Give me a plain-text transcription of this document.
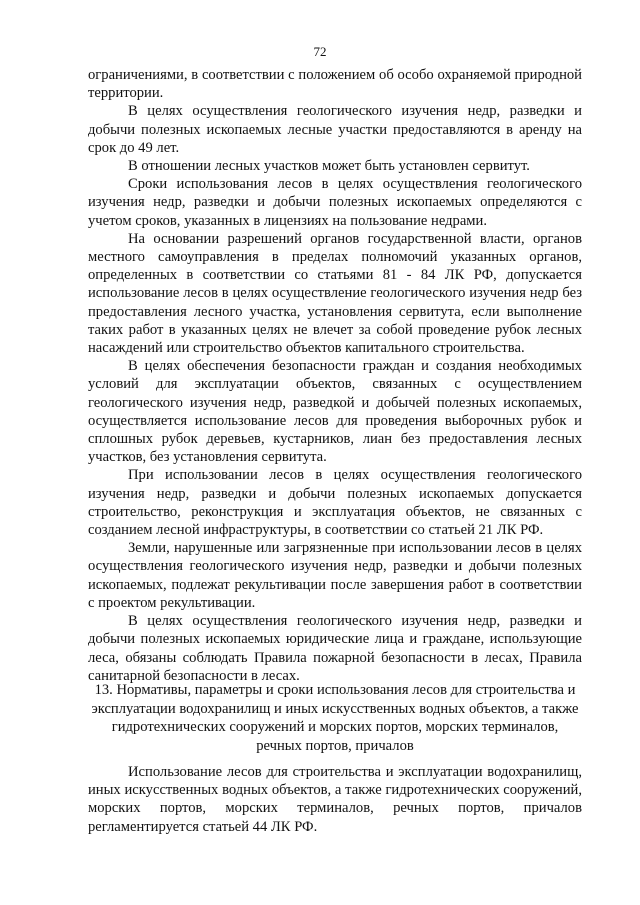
72

ограничениями, в соответствии с положением об особо охраняемой природной территории.

В целях осуществления геологического изучения недр, разведки и добычи полезных ископаемых лесные участки предоставляются в аренду на срок до 49 лет.

В отношении лесных участков может быть установлен сервитут.

Сроки использования лесов в целях осуществления геологического изучения недр, разведки и добычи полезных ископаемых определяются с учетом сроков, указанных в лицензиях на пользование недрами.

На основании разрешений органов государственной власти, органов местного самоуправления в пределах полномочий указанных органов, определенных в соответствии со статьями 81 - 84 ЛК РФ, допускается использование лесов в целях осуществление геологического изучения недр без предоставления лесного участка, установления сервитута, если выполнение таких работ в указанных целях не влечет за собой проведение рубок лесных насаждений или строительство объектов капитального строительства.

В целях обеспечения безопасности граждан и создания необходимых условий для эксплуатации объектов, связанных с осуществлением геологического изучения недр, разведкой и добычей полезных ископаемых, осуществляется использование лесов для проведения выборочных рубок и сплошных рубок деревьев, кустарников, лиан без предоставления лесных участков, без установления сервитута.

При использовании лесов в целях осуществления геологического изучения недр, разведки и добычи полезных ископаемых допускается строительство, реконструкция и эксплуатация объектов, не связанных с созданием лесной инфраструктуры, в соответствии со статьей 21 ЛК РФ.

Земли, нарушенные или загрязненные при использовании лесов в целях осуществления геологического изучения недр, разведки и добычи полезных ископаемых, подлежат рекультивации после завершения работ в соответствии с проектом рекультивации.

В целях осуществления геологического изучения недр, разведки и добычи полезных ископаемых юридические лица и граждане, использующие леса, обязаны соблюдать Правила пожарной безопасности в лесах, Правила санитарной безопасности в лесах.

13. Нормативы, параметры и сроки использования лесов для строительства и эксплуатации водохранилищ и иных искусственных водных объектов, а также гидротехнических сооружений и морских портов, морских терминалов, речных портов, причалов

Использование лесов для строительства и эксплуатации водохранилищ, иных искусственных водных объектов, а также гидротехнических сооружений, морских портов, морских терминалов, речных портов, причалов регламентируется статьей 44 ЛК РФ.
